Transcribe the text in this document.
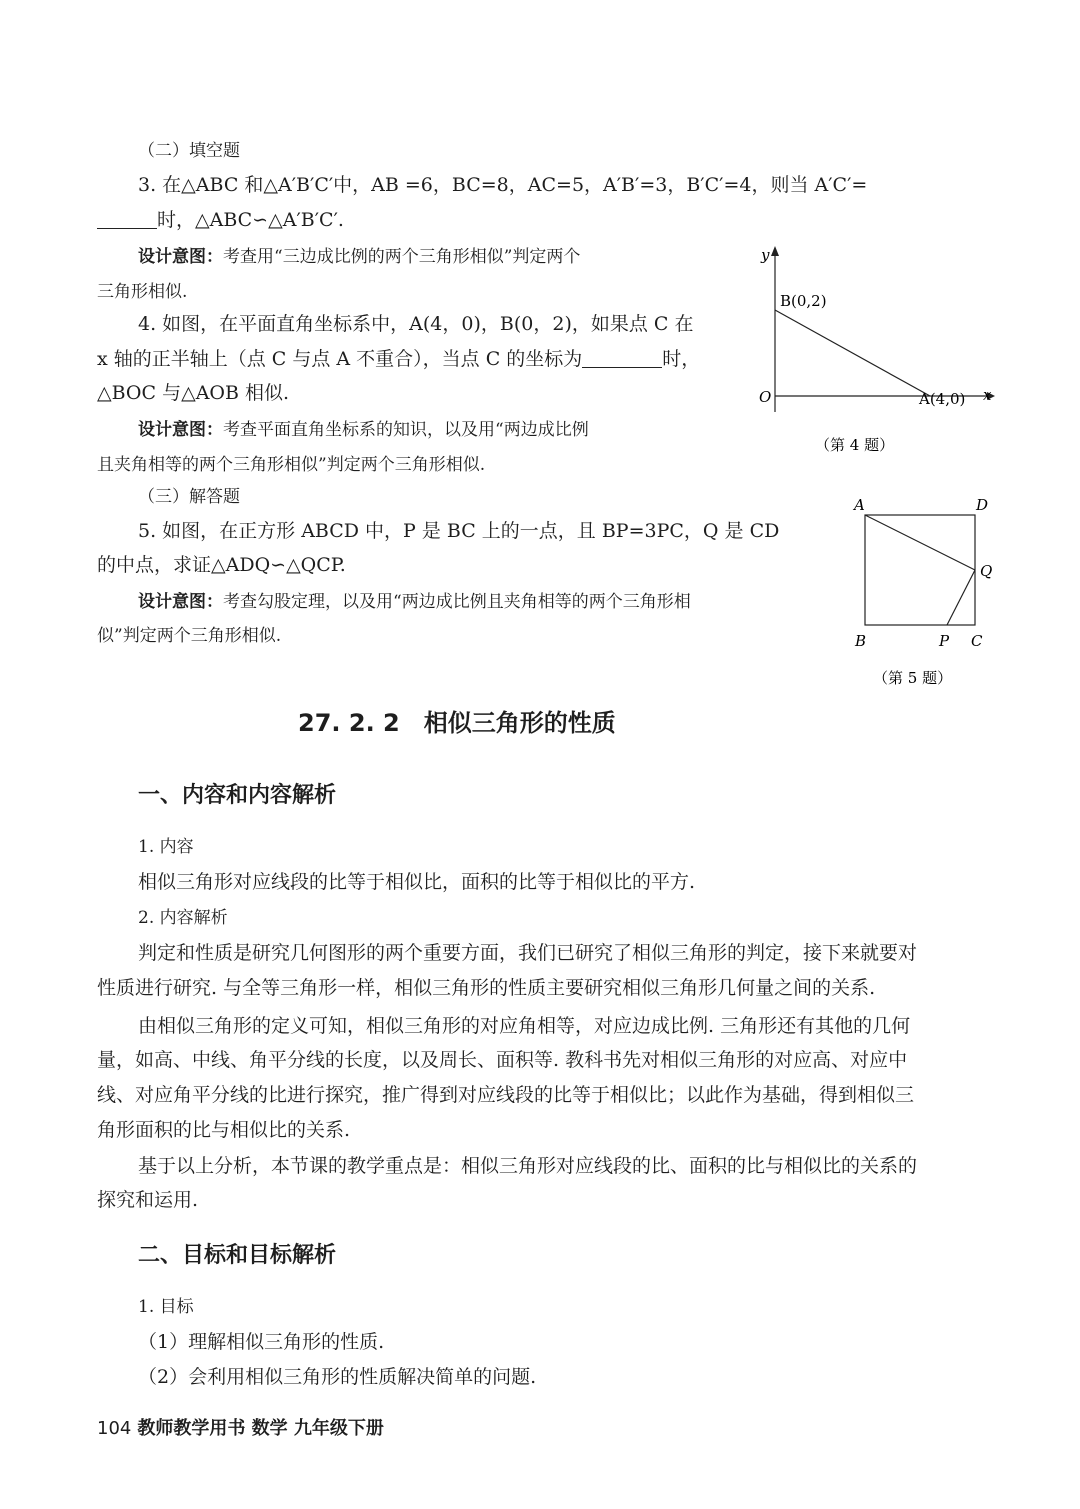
（二）填空题
3. 在△ABC 和△A′B′C′中，AB =6，BC=8，AC=5，A′B′=3，B′C′=4，则当 A′C′=
时，△ABC∽△A′B′C′.
设计意图：考查用“三边成比例的两个三角形相似”判定两个
三角形相似.
4. 如图，在平面直角坐标系中，A(4，0)，B(0，2)，如果点 C 在
x 轴的正半轴上（点 C 与点 A 不重合），当点 C 的坐标为	时，
△BOC 与△AOB 相似.
设计意图：考查平面直角坐标系的知识，以及用“两边成比例
且夹角相等的两个三角形相似”判定两个三角形相似.
y
x
B(0,2)
O	A(4,0)
（第 4 题）
（三）解答题
5. 如图，在正方形 ABCD 中，P 是 BC 上的一点，且 BP=3PC，Q 是 CD
的中点，求证△ADQ∽△QCP.
设计意图：考查勾股定理，以及用“两边成比例且夹角相等的两个三角形相
似”判定两个三角形相似.
A	D
Q
B	P C
（第 5 题）
27. 2. 2　相似三角形的性质
一、内容和内容解析
1. 内容
相似三角形对应线段的比等于相似比，面积的比等于相似比的平方.
2. 内容解析
判定和性质是研究几何图形的两个重要方面，我们已研究了相似三角形的判定，接下来就要对
性质进行研究. 与全等三角形一样，相似三角形的性质主要研究相似三角形几何量之间的关系.
由相似三角形的定义可知，相似三角形的对应角相等，对应边成比例. 三角形还有其他的几何
量，如高、中线、角平分线的长度，以及周长、面积等. 教科书先对相似三角形的对应高、对应中
线、对应角平分线的比进行探究，推广得到对应线段的比等于相似比；以此作为基础，得到相似三
角形面积的比与相似比的关系.
基于以上分析，本节课的教学重点是：相似三角形对应线段的比、面积的比与相似比的关系的
探究和运用.
二、目标和目标解析
1. 目标
（1）理解相似三角形的性质.
（2）会利用相似三角形的性质解决简单的问题.
104 教师教学用书 数学 九年级下册
